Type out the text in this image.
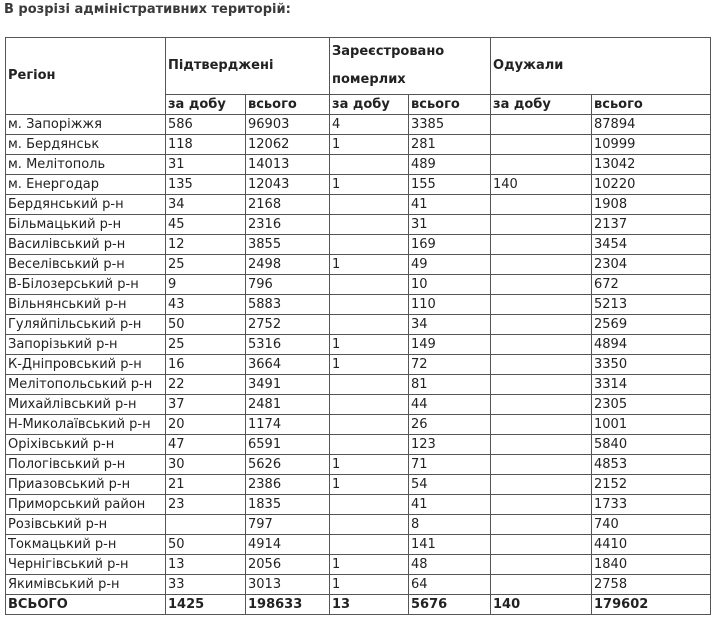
В розрізі адміністративних територій:
Регіон	Підтверджені		Зареєстровано померлих		Одужали	
	за добу	всього	за добу	всього	за добу	всього
м. Запоріжжя	586	96903	4	3385		87894
м. Бердянськ	118	12062	1	281		10999
м. Мелітополь	31	14013		489		13042
м. Енергодар	135	12043	1	155	140	10220
Бердянський р-н	34	2168		41		1908
Більмацький р-н	45	2316		31		2137
Василівський р-н	12	3855		169		3454
Веселівський р-н	25	2498	1	49		2304
В-Білозерський р-н	9	796		10		672
Вільнянський р-н	43	5883		110		5213
Гуляйпільський р-н	50	2752		34		2569
Запорізький р-н	25	5316	1	149		4894
К-Дніпровський р-н	16	3664	1	72		3350
Мелітопольський р-н	22	3491		81		3314
Михайлівський р-н	37	2481		44		2305
Н-Миколаївський р-н	20	1174		26		1001
Оріхівський р-н	47	6591		123		5840
Пологівський р-н	30	5626	1	71		4853
Приазовський р-н	21	2386	1	54		2152
Приморський район	23	1835		41		1733
Розівський р-н		797		8		740
Токмацький р-н	50	4914		141		4410
Чернігівський р-н	13	2056	1	48		1840
Якимівський р-н	33	3013	1	64		2758
ВСЬОГО	1425	198633	13	5676	140	179602
